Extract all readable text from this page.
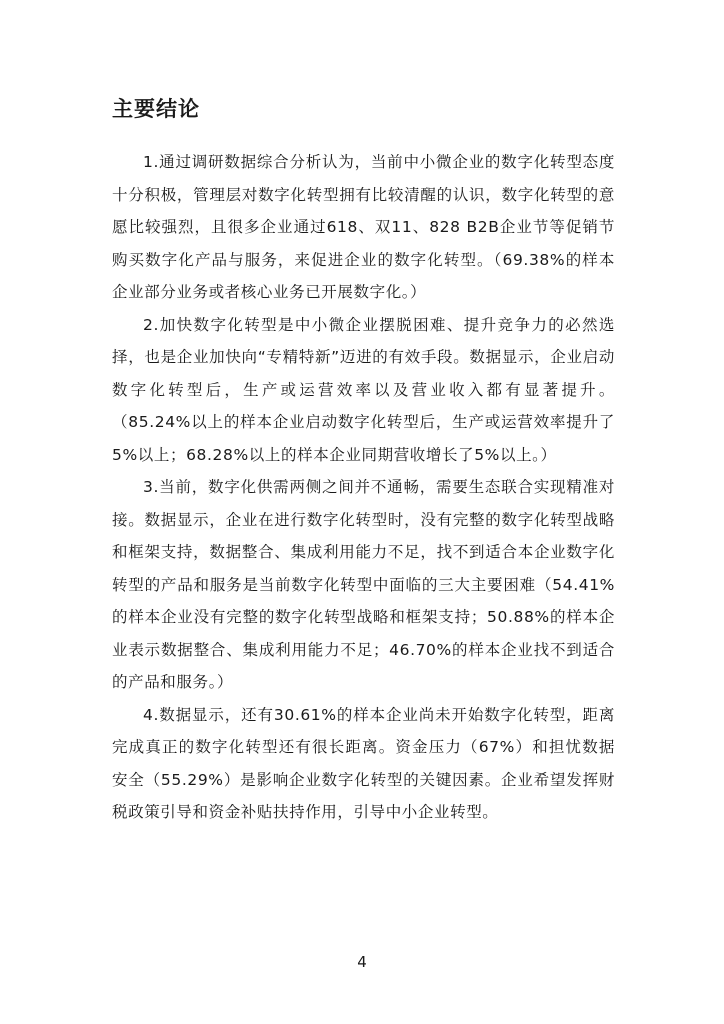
主要结论

1.通过调研数据综合分析认为，当前中小微企业的数字化转型态度十分积极，管理层对数字化转型拥有比较清醒的认识，数字化转型的意愿比较强烈，且很多企业通过618、双11、828 B2B企业节等促销节购买数字化产品与服务，来促进企业的数字化转型。（69.38%的样本企业部分业务或者核心业务已开展数字化。）

2.加快数字化转型是中小微企业摆脱困难、提升竞争力的必然选择，也是企业加快向“专精特新”迈进的有效手段。数据显示，企业启动数字化转型后，生产或运营效率以及营业收入都有显著提升。（85.24%以上的样本企业启动数字化转型后，生产或运营效率提升了5%以上；68.28%以上的样本企业同期营收增长了5%以上。）

3.当前，数字化供需两侧之间并不通畅，需要生态联合实现精准对接。数据显示，企业在进行数字化转型时，没有完整的数字化转型战略和框架支持，数据整合、集成利用能力不足，找不到适合本企业数字化转型的产品和服务是当前数字化转型中面临的三大主要困难（54.41%的样本企业没有完整的数字化转型战略和框架支持；50.88%的样本企业表示数据整合、集成利用能力不足；46.70%的样本企业找不到适合的产品和服务。）

4.数据显示，还有30.61%的样本企业尚未开始数字化转型，距离完成真正的数字化转型还有很长距离。资金压力（67%）和担忧数据安全（55.29%）是影响企业数字化转型的关键因素。企业希望发挥财税政策引导和资金补贴扶持作用，引导中小企业转型。

4
